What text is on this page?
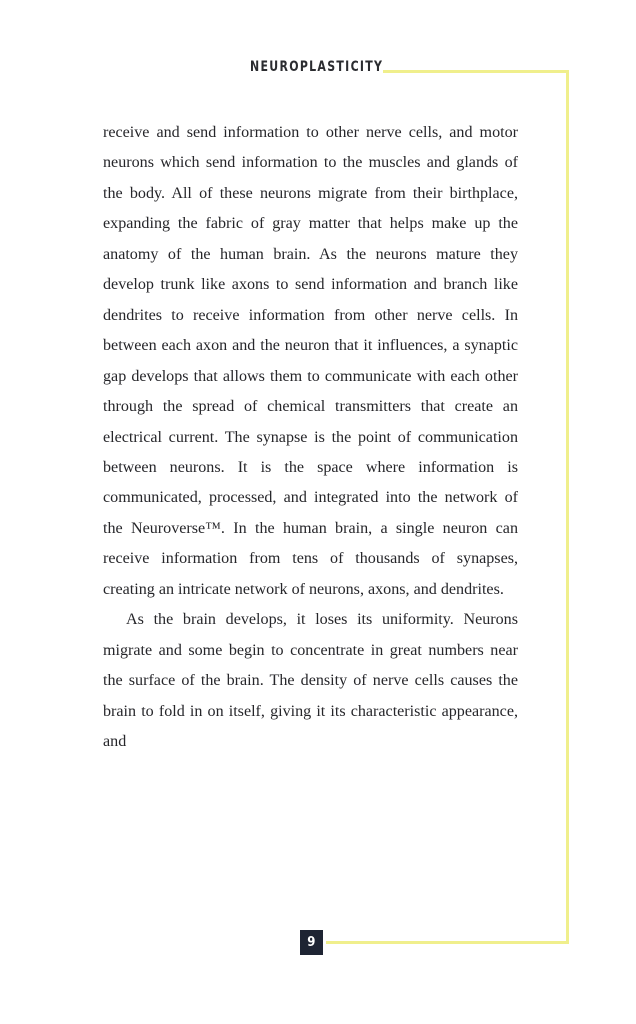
NEUROPLASTICITY

receive and send information to other nerve cells, and motor neurons which send information to the muscles and glands of the body. All of these neurons migrate from their birthplace, expanding the fabric of gray matter that helps make up the anatomy of the human brain. As the neurons mature they develop trunk like axons to send information and branch like dendrites to receive information from other nerve cells. In between each axon and the neuron that it influences, a synaptic gap develops that allows them to communicate with each other through the spread of chemical transmitters that create an electrical current. The synapse is the point of communication between neurons. It is the space where information is communicated, processed, and integrated into the network of the Neuroverse™. In the human brain, a single neuron can receive information from tens of thousands of synapses, creating an intricate network of neurons, axons, and dendrites.

As the brain develops, it loses its uniformity. Neurons migrate and some begin to concentrate in great numbers near the surface of the brain. The density of nerve cells causes the brain to fold in on itself, giving it its characteristic appearance, and

9
